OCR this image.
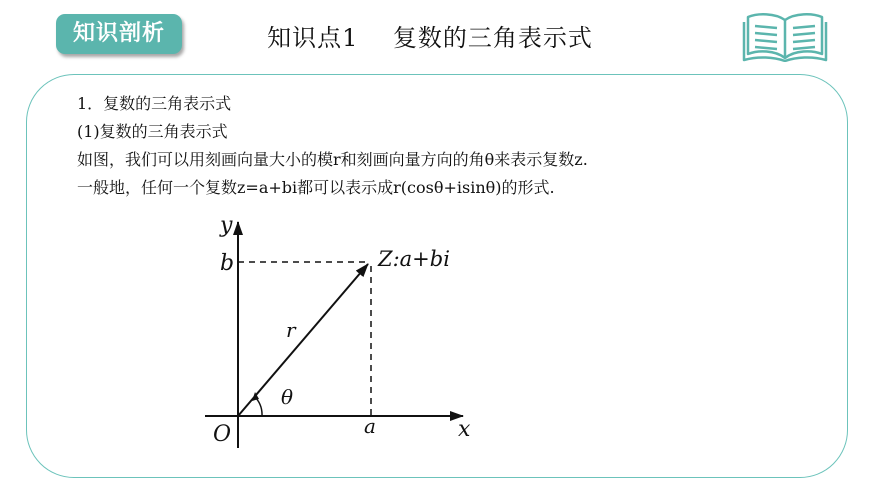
知识剖析	知识点1    复数的三角表示式
1．复数的三角表示式
(1)复数的三角表示式
如图，我们可以用刻画向量大小的模r和刻画向量方向的角θ来表示复数z.
一般地，任何一个复数z=a+bi都可以表示成r(cosθ+isinθ)的形式.
y
x
O
b
a
Z:a+bi
r
θ
